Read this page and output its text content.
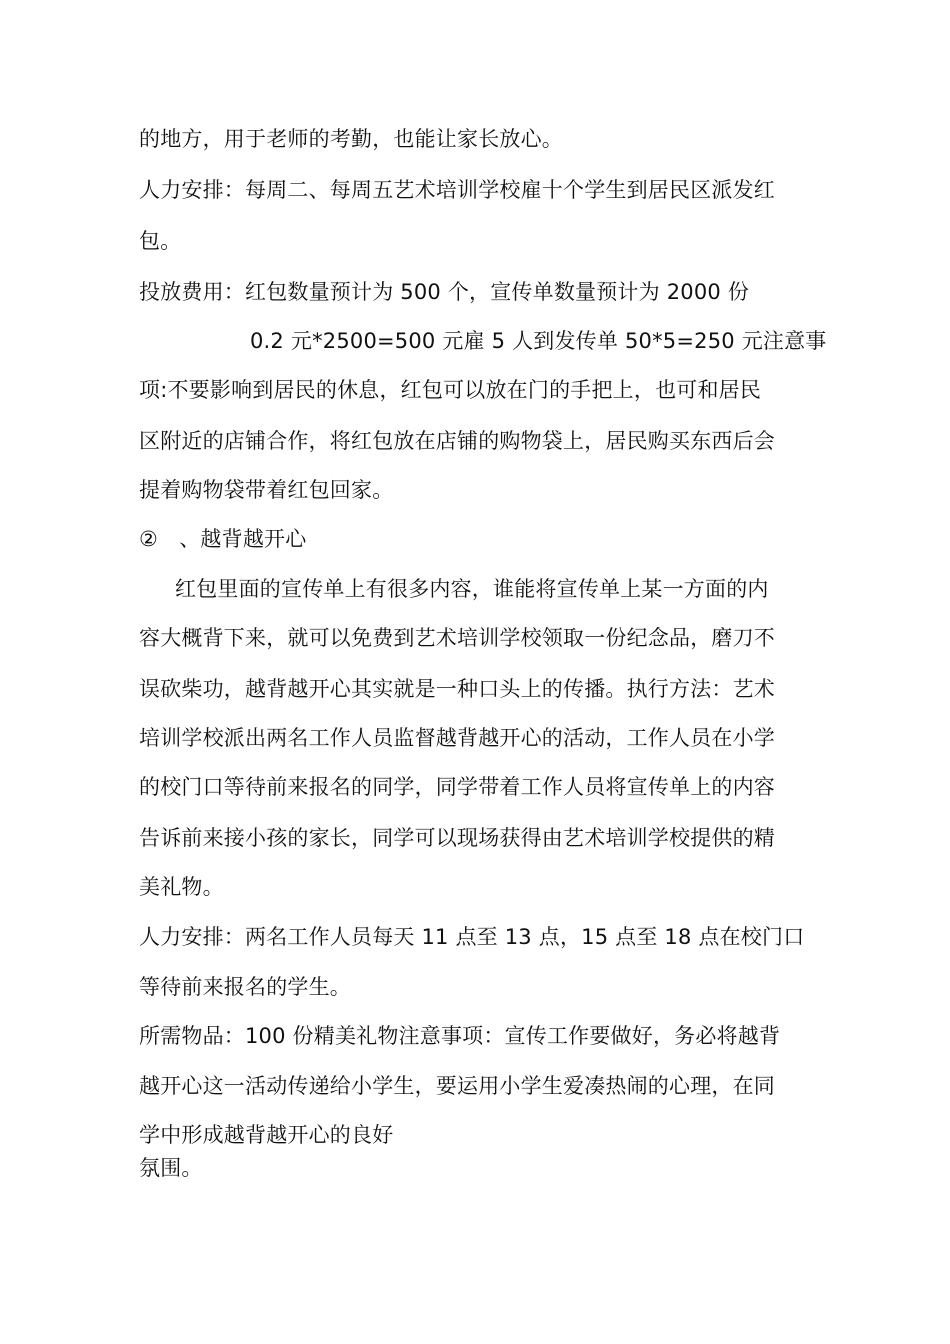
的地方，用于老师的考勤，也能让家长放心。
人力安排：每周二、每周五艺术培训学校雇十个学生到居民区派发红
包。
投放费用：红包数量预计为 500 个，宣传单数量预计为 2000 份
0.2 元*2500=500 元雇 5 人到发传单 50*5=250 元注意事
项:不要影响到居民的休息，红包可以放在门的手把上，也可和居民
区附近的店铺合作，将红包放在店铺的购物袋上，居民购买东西后会
提着购物袋带着红包回家。
②　、越背越开心
红包里面的宣传单上有很多内容，谁能将宣传单上某一方面的内
容大概背下来，就可以免费到艺术培训学校领取一份纪念品，磨刀不
误砍柴功，越背越开心其实就是一种口头上的传播。执行方法：艺术
培训学校派出两名工作人员监督越背越开心的活动，工作人员在小学
的校门口等待前来报名的同学，同学带着工作人员将宣传单上的内容
告诉前来接小孩的家长，同学可以现场获得由艺术培训学校提供的精
美礼物。
人力安排：两名工作人员每天 11 点至 13 点，15 点至 18 点在校门口
等待前来报名的学生。
所需物品：100 份精美礼物注意事项：宣传工作要做好，务必将越背
越开心这一活动传递给小学生，要运用小学生爱凑热闹的心理，在同
学中形成越背越开心的良好
氛围。
